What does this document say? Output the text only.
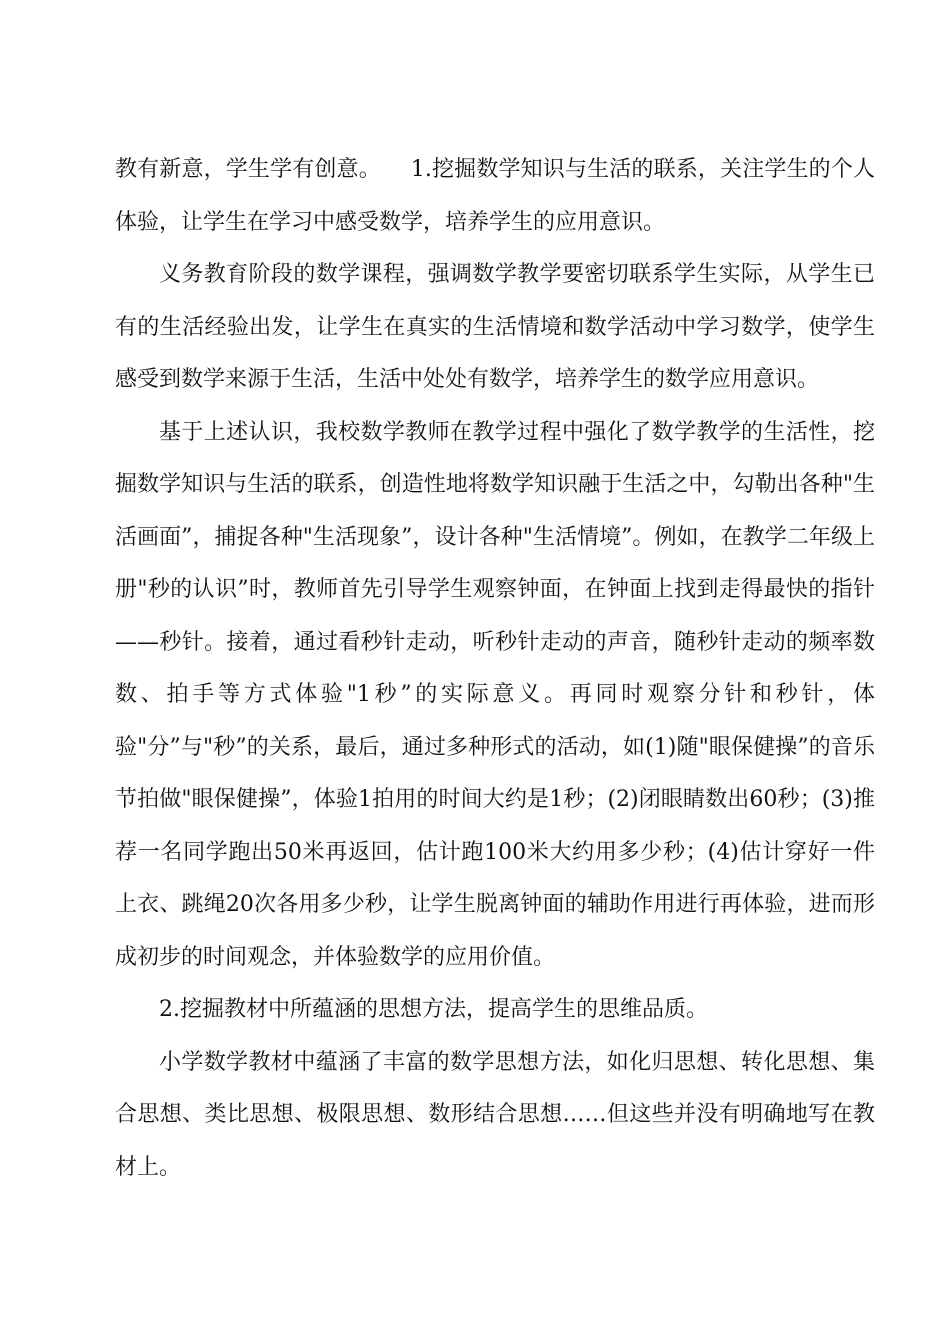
教有新意，学生学有创意。 1.挖掘数学知识与生活的联系，关注学生的个人体验，让学生在学习中感受数学，培养学生的应用意识。

义务教育阶段的数学课程，强调数学教学要密切联系学生实际，从学生已有的生活经验出发，让学生在真实的生活情境和数学活动中学习数学，使学生感受到数学来源于生活，生活中处处有数学，培养学生的数学应用意识。

基于上述认识，我校数学教师在教学过程中强化了数学教学的生活性，挖掘数学知识与生活的联系，创造性地将数学知识融于生活之中，勾勒出各种"生活画面”，捕捉各种"生活现象”，设计各种"生活情境”。例如，在教学二年级上册"秒的认识”时，教师首先引导学生观察钟面，在钟面上找到走得最快的指针——秒针。接着，通过看秒针走动，听秒针走动的声音，随秒针走动的频率数数、拍手等方式体验"1秒”的实际意义。再同时观察分针和秒针，体验"分”与"秒”的关系，最后，通过多种形式的活动，如(1)随"眼保健操”的音乐节拍做"眼保健操”，体验1拍用的时间大约是1秒；(2)闭眼睛数出60秒；(3)推荐一名同学跑出50米再返回，估计跑100米大约用多少秒；(4)估计穿好一件上衣、跳绳20次各用多少秒，让学生脱离钟面的辅助作用进行再体验，进而形成初步的时间观念，并体验数学的应用价值。

2.挖掘教材中所蕴涵的思想方法，提高学生的思维品质。

小学数学教材中蕴涵了丰富的数学思想方法，如化归思想、转化思想、集合思想、类比思想、极限思想、数形结合思想……但这些并没有明确地写在教材上。
